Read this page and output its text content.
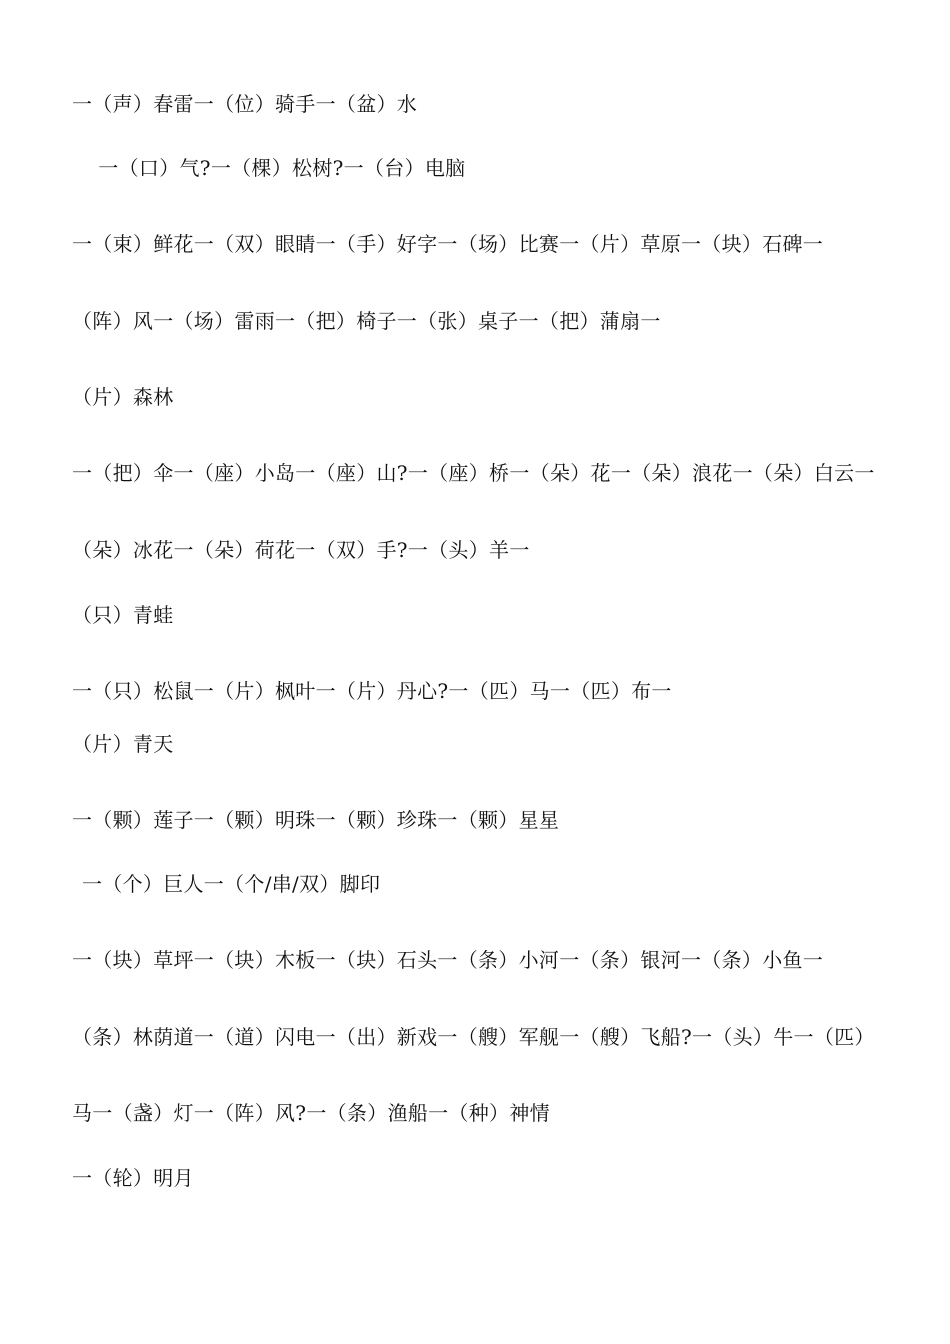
一（声）春雷一（位）骑手一（盆）水
　一（口）气?一（棵）松树?一（台）电脑
一（束）鲜花一（双）眼睛一（手）好字一（场）比赛一（片）草原一（块）石碑一
（阵）风一（场）雷雨一（把）椅子一（张）桌子一（把）蒲扇一
（片）森林
一（把）伞一（座）小岛一（座）山?一（座）桥一（朵）花一（朵）浪花一（朵）白云一
（朵）冰花一（朵）荷花一（双）手?一（头）羊一
（只）青蛙
一（只）松鼠一（片）枫叶一（片）丹心?一（匹）马一（匹）布一
（片）青天
一（颗）莲子一（颗）明珠一（颗）珍珠一（颗）星星
一（个）巨人一（个/串/双）脚印
一（块）草坪一（块）木板一（块）石头一（条）小河一（条）银河一（条）小鱼一
（条）林荫道一（道）闪电一（出）新戏一（艘）军舰一（艘）飞船?一（头）牛一（匹）
马一（盏）灯一（阵）风?一（条）渔船一（种）神情
一（轮）明月
